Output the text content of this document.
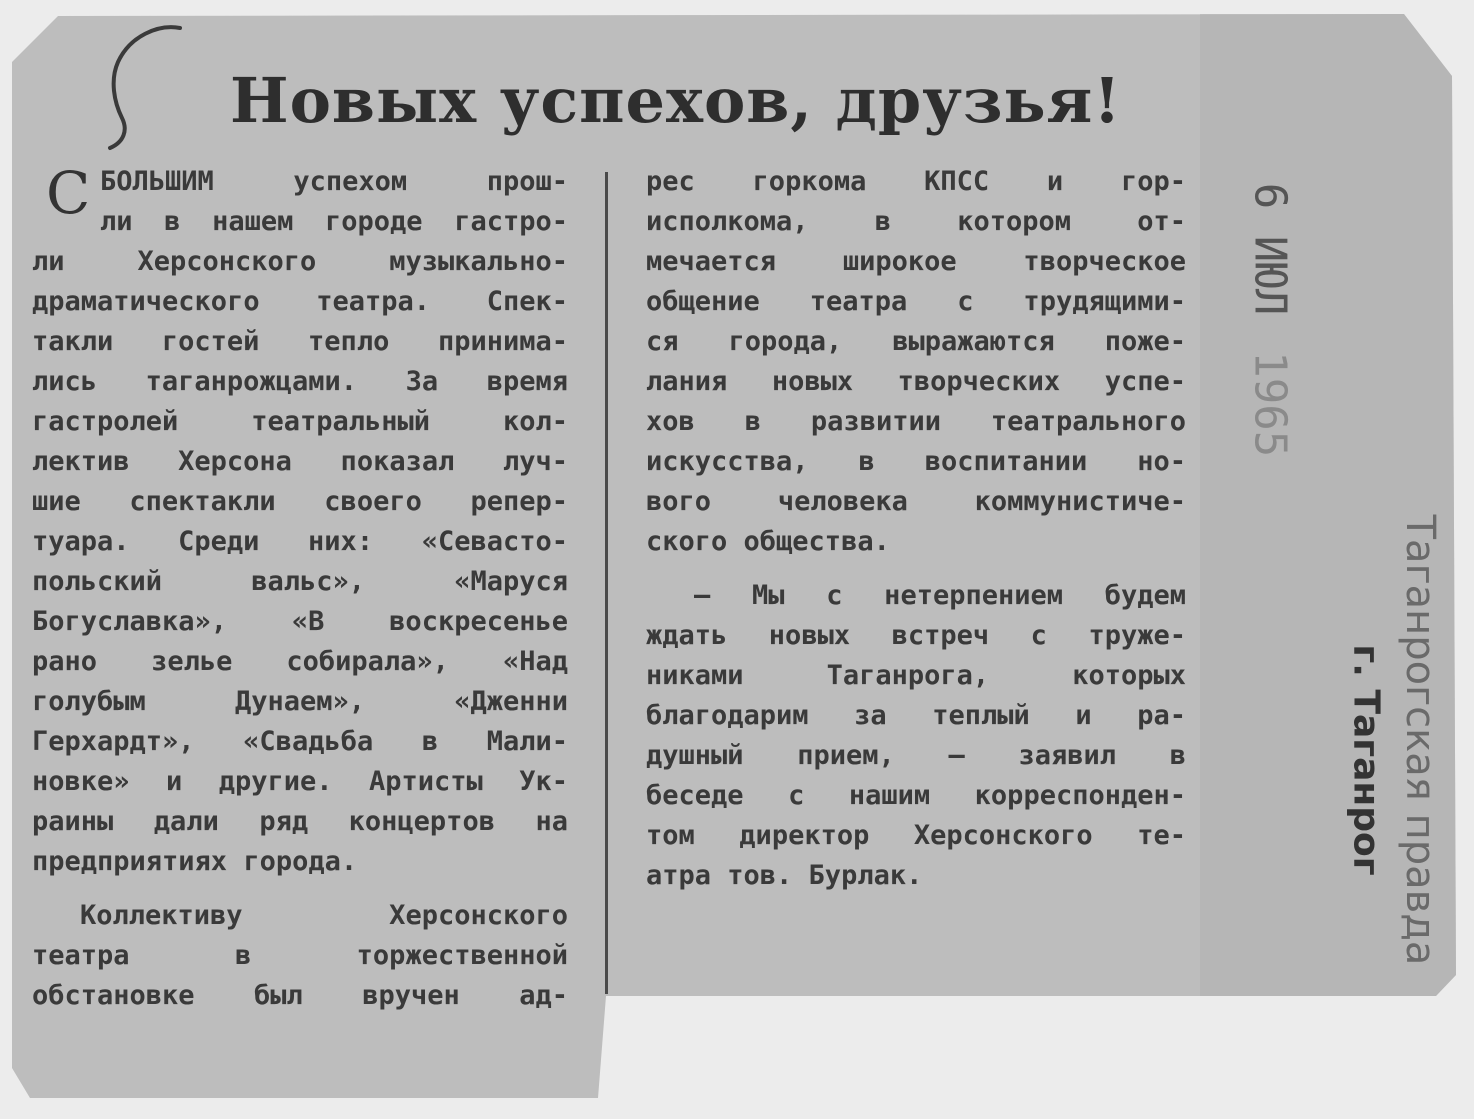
Новых успехов, друзья!
С БОЛЬШИМ успехом прош-
ли в нашем городе гастро-
ли Херсонского музыкально-
драматического театра. Спек-
такли гостей тепло принима-
лись таганрожцами. За время
гастролей театральный кол-
лектив Херсона показал луч-
шие спектакли своего репер-
туара. Среди них: «Севасто-
польский вальс», «Маруся
Богуславка», «В воскресенье
рано зелье собирала», «Над
голубым Дунаем», «Дженни
Герхардт», «Свадьба в Мали-
новке» и другие. Артисты Ук-
раины дали ряд концертов на
предприятиях города.
Коллективу Херсонского
театра в торжественной
обстановке был вручен ад-
рес горкома КПСС и гор-
исполкома, в котором от-
мечается широкое творческое
общение театра с трудящими-
ся города, выражаются поже-
лания новых творческих успе-
хов в развитии театрального
искусства, в воспитании но-
вого человека коммунистиче-
ского общества.
— Мы с нетерпением будем
ждать новых встреч с труже-
никами Таганрога, которых
благодарим за теплый и ра-
душный прием, — заявил в
беседе с нашим корреспонден-
том директор Херсонского те-
атра тов. Бурлак.
6 ИЮЛ1965
Таганрогская правда
г. Таганрог
